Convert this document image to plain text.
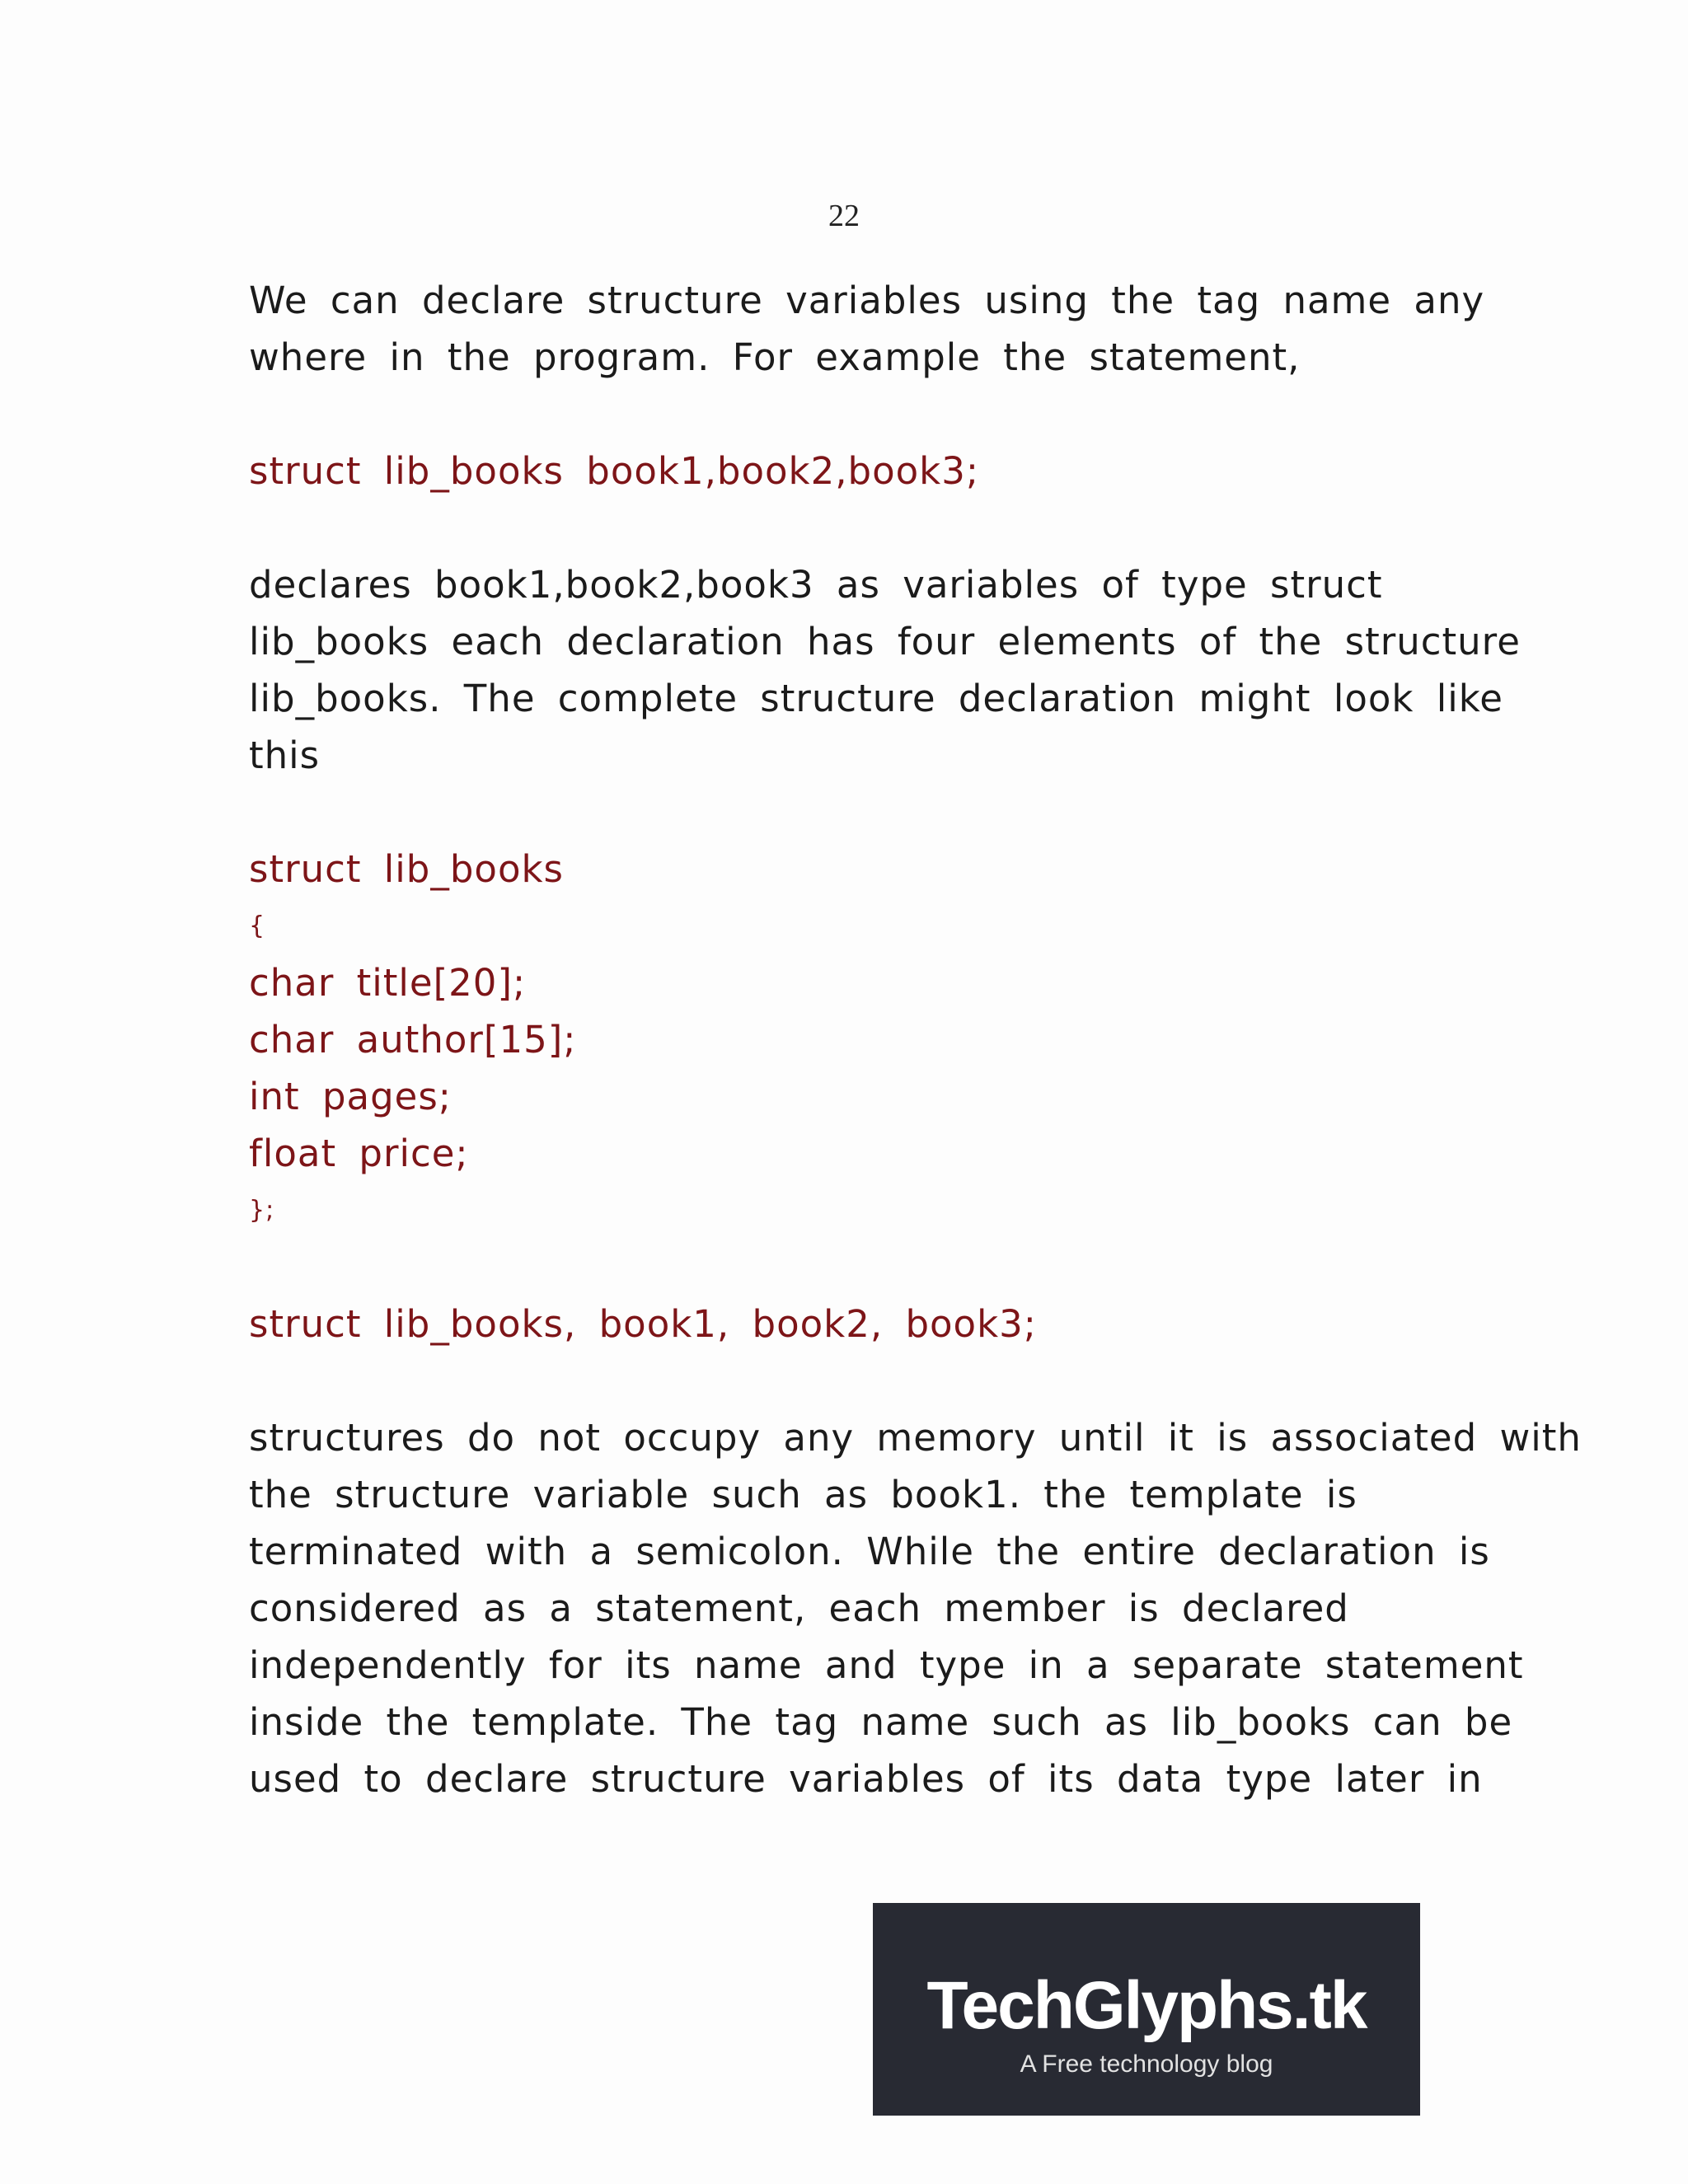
22
We can declare structure variables using the tag name any
where in the program. For example the statement,
struct lib_books book1,book2,book3;
declares book1,book2,book3 as variables of type struct
lib_books each declaration has four elements of the structure
lib_books. The complete structure declaration might look like
this
struct lib_books
{
char title[20];
char author[15];
int pages;
float price;
};
struct lib_books, book1, book2, book3;
structures do not occupy any memory until it is associated with
the structure variable such as book1. the template is
terminated with a semicolon. While the entire declaration is
considered as a statement, each member is declared
independently for its name and type in a separate statement
inside the template. The tag name such as lib_books can be
used to declare structure variables of its data type later in
TechGlyphs.tk
A Free technology blog
